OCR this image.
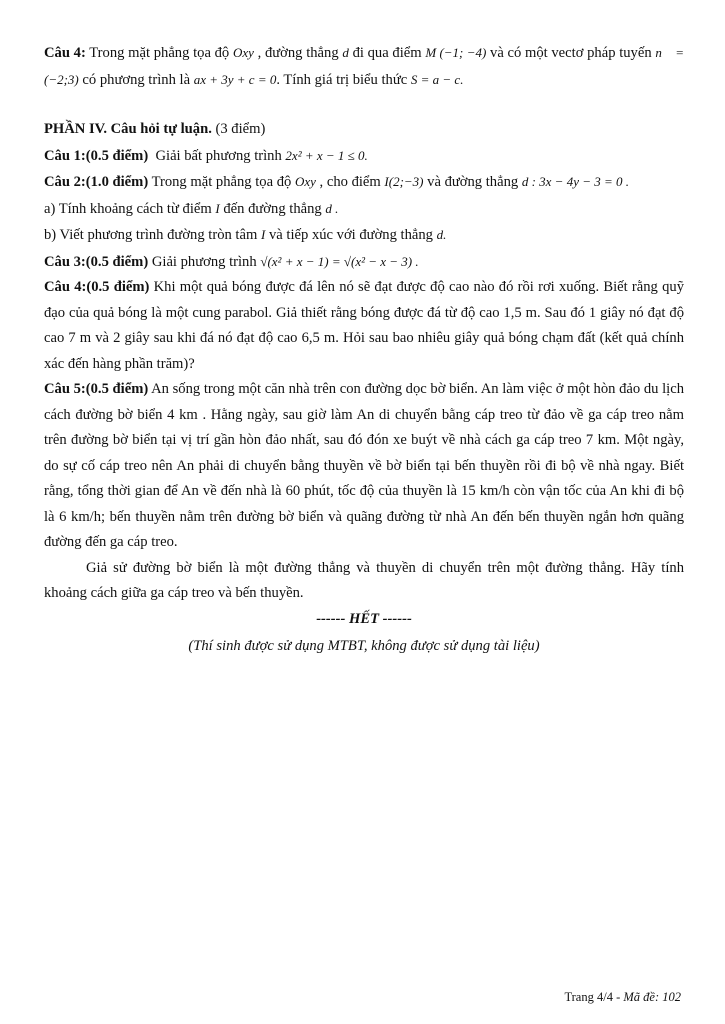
Câu 4: Trong mặt phẳng tọa độ Oxy , đường thẳng d đi qua điểm M (−1; −4) và có một vectơ pháp tuyến n⃗ = (−2;3) có phương trình là ax + 3y + c = 0. Tính giá trị biểu thức S = a − c.

PHẦN IV. Câu hỏi tự luận. (3 điểm)

Câu 1:(0.5 điểm) Giải bất phương trình 2x² + x − 1 ≤ 0.

Câu 2:(1.0 điểm) Trong mặt phẳng tọa độ Oxy , cho điểm I(2;−3) và đường thẳng d : 3x − 4y − 3 = 0 .

a) Tính khoảng cách từ điểm I đến đường thẳng d .

b) Viết phương trình đường tròn tâm I và tiếp xúc với đường thẳng d.

Câu 3:(0.5 điểm) Giải phương trình √(x² + x − 1) = √(x² − x − 3) .

Câu 4:(0.5 điểm) Khi một quả bóng được đá lên nó sẽ đạt được độ cao nào đó rồi rơi xuống. Biết rằng quỹ đạo của quả bóng là một cung parabol. Giả thiết rằng bóng được đá từ độ cao 1,5 m. Sau đó 1 giây nó đạt độ cao 7 m và 2 giây sau khi đá nó đạt độ cao 6,5 m. Hỏi sau bao nhiêu giây quả bóng chạm đất (kết quả chính xác đến hàng phần trăm)?

Câu 5:(0.5 điểm) An sống trong một căn nhà trên con đường dọc bờ biển. An làm việc ở một hòn đảo du lịch cách đường bờ biển 4 km . Hằng ngày, sau giờ làm An di chuyển bằng cáp treo từ đảo về ga cáp treo nằm trên đường bờ biển tại vị trí gần hòn đảo nhất, sau đó đón xe buýt về nhà cách ga cáp treo 7 km. Một ngày, do sự cố cáp treo nên An phải di chuyển bằng thuyền về bờ biển tại bến thuyền rồi đi bộ về nhà ngay. Biết rằng, tổng thời gian để An về đến nhà là 60 phút, tốc độ của thuyền là 15 km/h còn vận tốc của An khi đi bộ là 6 km/h; bến thuyền nằm trên đường bờ biển và quãng đường từ nhà An đến bến thuyền ngắn hơn quãng đường đến ga cáp treo.

Giả sử đường bờ biển là một đường thẳng và thuyền di chuyển trên một đường thẳng. Hãy tính khoảng cách giữa ga cáp treo và bến thuyền.

------ HẾT ------

(Thí sinh được sử dụng MTBT, không được sử dụng tài liệu)

Trang 4/4 - Mã đề: 102
